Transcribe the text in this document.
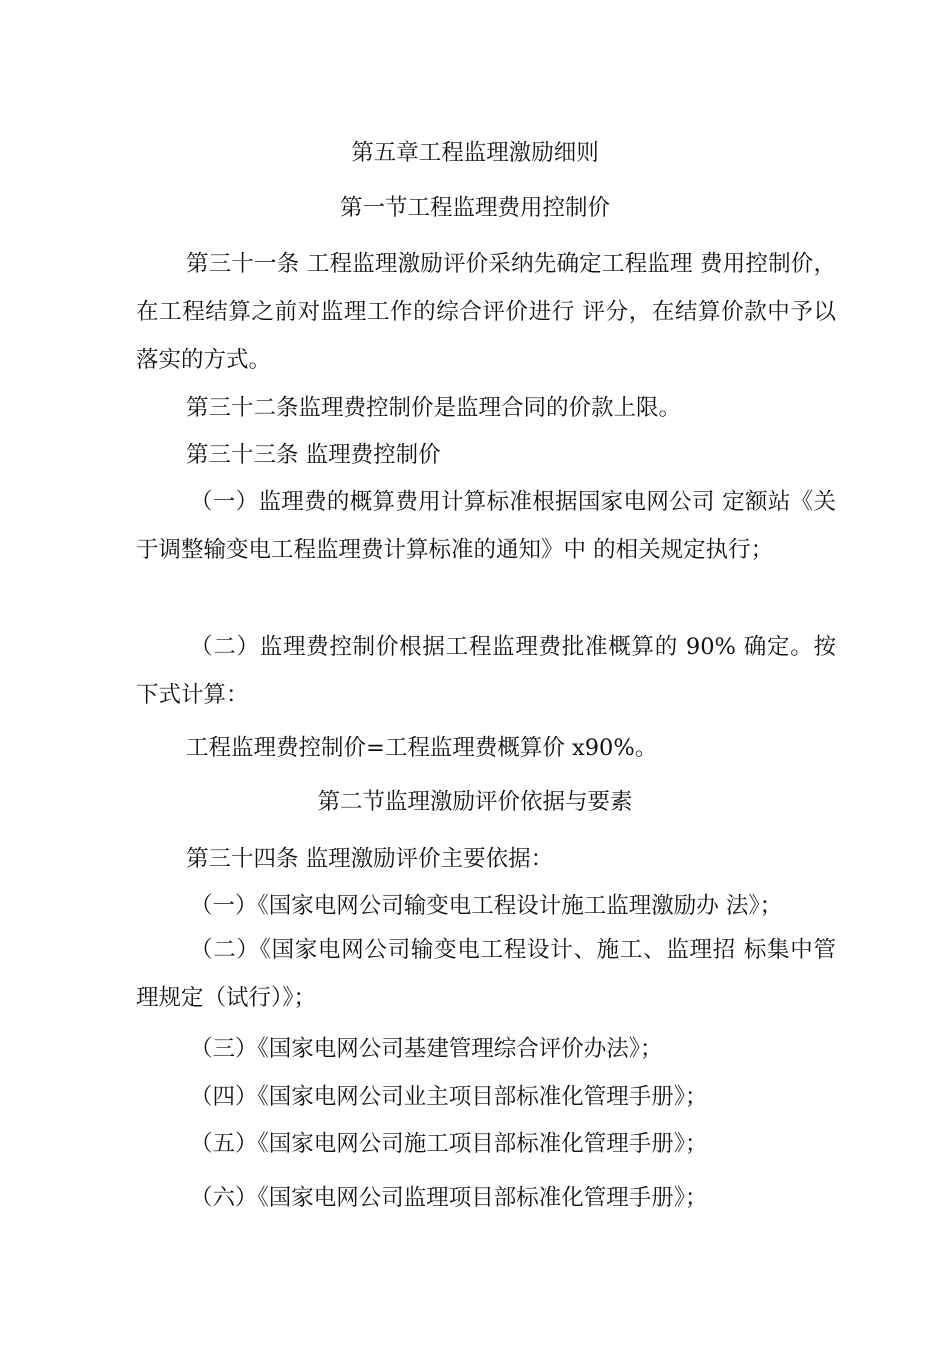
第五章工程监理激励细则
第一节工程监理费用控制价
第三十一条 工程监理激励评价采纳先确定工程监理 费用控制价，在工程结算之前对监理工作的综合评价进行 评分，在结算价款中予以落实的方式。
第三十二条监理费控制价是监理合同的价款上限。
第三十三条 监理费控制价
（一）监理费的概算费用计算标准根据国家电网公司 定额站《关于调整输变电工程监理费计算标准的通知》中 的相关规定执行；
（二）监理费控制价根据工程监理费批准概算的 90% 确定。按下式计算：
工程监理费控制价=工程监理费概算价 x90%。
第二节监理激励评价依据与要素
第三十四条 监理激励评价主要依据：
（一）《国家电网公司输变电工程设计施工监理激励办 法》；
（二）《国家电网公司输变电工程设计、施工、监理招 标集中管理规定（试行）》；
（三）《国家电网公司基建管理综合评价办法》；
（四）《国家电网公司业主项目部标准化管理手册》；
（五）《国家电网公司施工项目部标准化管理手册》；
（六）《国家电网公司监理项目部标准化管理手册》；
